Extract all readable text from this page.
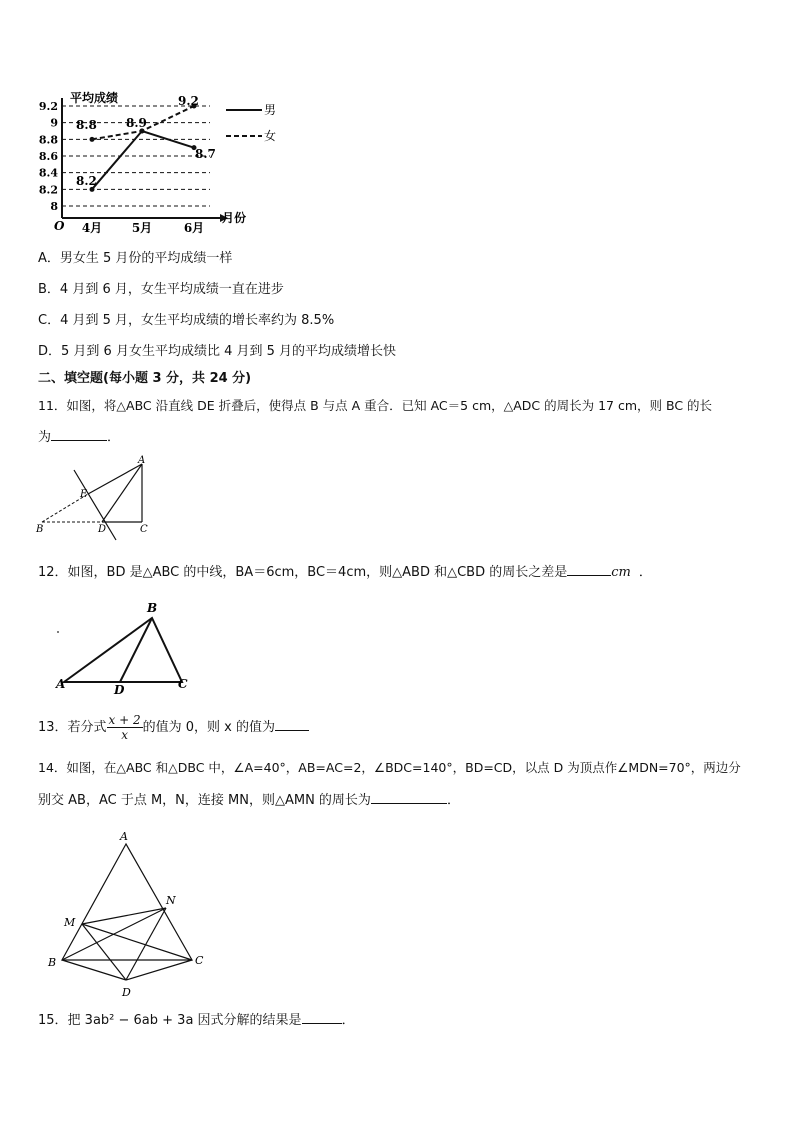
平均成绩
月份
O
9.2
9
8.8
8.6
8.4
8.2
8
4月 5月	6月
男
女
8.2
8.8 8.9
9.2
8.7
A．男女生 5 月份的平均成绩一样
B．4 月到 6 月，女生平均成绩一直在进步
C．4 月到 5 月，女生平均成绩的增长率约为 8.5%
D．5 月到 6 月女生平均成绩比 4 月到 5 月的平均成绩增长快
二、填空题(每小题 3 分，共 24 分)
11．如图，将△ABC 沿直线 DE 折叠后，使得点 B 与点 A 重合．已知 AC＝5 cm，△ADC 的周长为 17 cm，则 BC 的长
为	．
A
E
B	D	C
12．如图，BD 是△ABC 的中线，BA＝6cm，BC＝4cm，则△ABD 和△CBD 的周长之差是	cm ．
B
A	D	C
13．若分式 $\frac{x + 2}{x}$ 的值为 0，则 x 的值为
14．如图，在△ABC 和△DBC 中，∠A=40°，AB=AC=2，∠BDC=140°，BD=CD，以点 D 为顶点作∠MDN=70°，两边分
别交 AB，AC 于点 M，N，连接 MN，则△AMN 的周长为	．
A
M
N
B	C
D
15．把 3ab² − 6ab + 3a 因式分解的结果是	．
